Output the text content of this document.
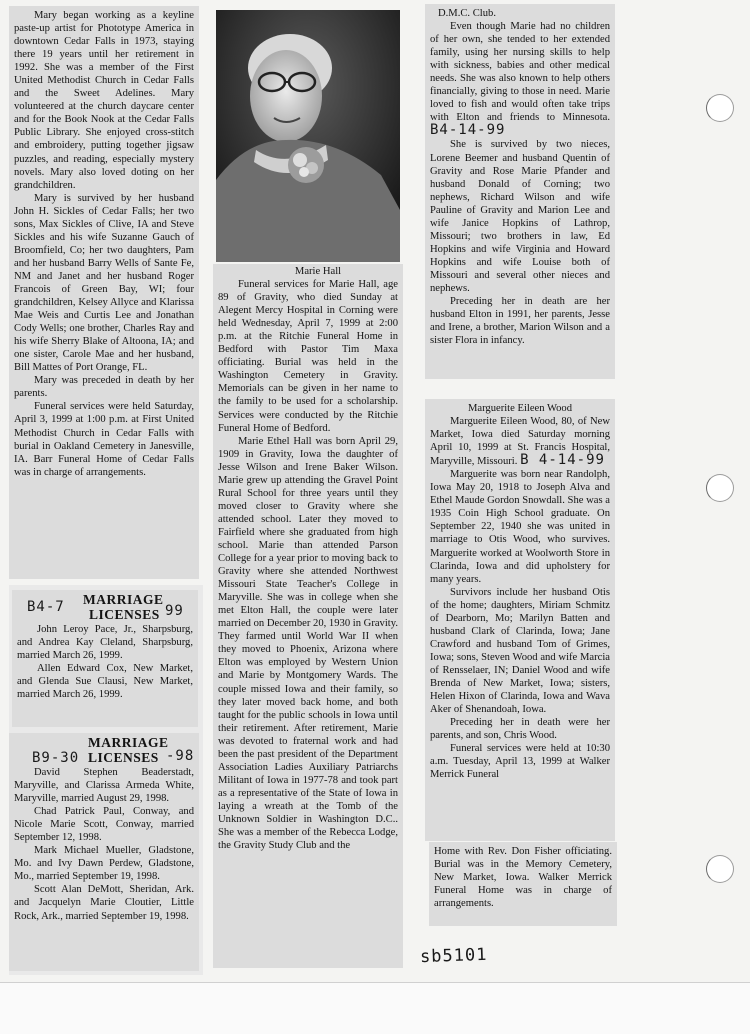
Mary began working as a keyline paste-up artist for Phototype America in downtown Cedar Falls in 1973, staying there 19 years until her retirement in 1992. She was a member of the First United Methodist Church in Cedar Falls and the Sweet Adelines. Mary volunteered at the church daycare center and for the Book Nook at the Cedar Falls Public Library. She enjoyed cross-stitch and embroidery, putting together jigsaw puzzles, and reading, especially mystery novels. Mary also loved doting on her grandchildren.

Mary is survived by her husband John H. Sickles of Cedar Falls; her two sons, Max Sickles of Clive, IA and Steve Sickles and his wife Suzanne Gauch of Broomfield, Co; her two daughters, Pam and her husband Barry Wells of Sante Fe, NM and Janet and her husband Roger Francois of Green Bay, WI; four grandchildren, Kelsey Allyce and Klarissa Mae Weis and Curtis Lee and Jonathan Cody Wells; one brother, Charles Ray and his wife Sherry Blake of Altoona, IA; and one sister, Carole Mae and her husband, Bill Mattes of Port Orange, FL.

Mary was preceded in death by her parents.

Funeral services were held Saturday, April 3, 1999 at 1:00 p.m. at First United Methodist Church in Cedar Falls with burial in Oakland Cemetery in Janesville, IA. Barr Funeral Home of Cedar Falls was in charge of arrangements.

B4-7 MARRIAGE
LICENSES 99

John Leroy Pace, Jr., Sharpsburg, and Andrea Kay Cleland, Sharpsburg, married March 26, 1999.

Allen Edward Cox, New Market, and Glenda Sue Clausi, New Market, married March 26, 1999.

B9-30
MARRIAGE
LICENSES -98

David Stephen Beaderstadt, Maryville, and Clarissa Armeda White, Maryville, married August 29, 1998.

Chad Patrick Paul, Conway, and Nicole Marie Scott, Conway, married September 12, 1998.

Mark Michael Mueller, Gladstone, Mo. and Ivy Dawn Perdew, Gladstone, Mo., married September 19, 1998.

Scott Alan DeMott, Sheridan, Ark. and Jacquelyn Marie Cloutier, Little Rock, Ark., married September 19, 1998.

Marie Hall

Funeral services for Marie Hall, age 89 of Gravity, who died Sunday at Alegent Mercy Hospital in Corning were held Wednesday, April 7, 1999 at 2:00 p.m. at the Ritchie Funeral Home in Bedford with Pastor Tim Maxa officiating. Burial was held in the Washington Cemetery in Gravity. Memorials can be given in her name to the family to be used for a scholarship. Services were conducted by the Ritchie Funeral Home of Bedford.

Marie Ethel Hall was born April 29, 1909 in Gravity, Iowa the daughter of Jesse Wilson and Irene Baker Wilson. Marie grew up attending the Gravel Point Rural School for three years until they moved closer to Gravity where she attended school. Later they moved to Fairfield where she graduated from high school. Marie than attended Parson College for a year prior to moving back to Gravity where she attended Northwest Missouri State Teacher's College in Maryville. She was in college when she met Elton Hall, the couple were later married on December 20, 1930 in Gravity. They farmed until World War II when they moved to Phoenix, Arizona where Elton was employed by Western Union and Marie by Montgomery Wards. The couple missed Iowa and their family, so they later moved back home, and both taught for the public schools in Iowa until their retirement. After retirement, Marie was devoted to fraternal work and had been the past president of the Department Association Ladies Auxiliary Patriarchs Militant of Iowa in 1977-78 and took part as a representative of the State of Iowa in laying a wreath at the Tomb of the Unknown Soldier in Washington D.C.. She was a member of the Rebecca Lodge, the Gravity Study Club and the

D.M.C. Club.

Even though Marie had no children of her own, she tended to her extended family, using her nursing skills to help with sickness, babies and other medical needs. She was also known to help others financially, giving to those in need. Marie loved to fish and would often take trips with Elton and friends to Minnesota. B4-14-99

She is survived by two nieces, Lorene Beemer and husband Quentin of Gravity and Rose Marie Pfander and husband Donald of Corning; two nephews, Richard Wilson and wife Pauline of Gravity and Marion Lee and wife Janice Hopkins of Lathrop, Missouri; two brothers in law, Ed Hopkins and wife Virginia and Howard Hopkins and wife Louise both of Missouri and several other nieces and nephews.

Preceding her in death are her husband Elton in 1991, her parents, Jesse and Irene, a brother, Marion Wilson and a sister Flora in infancy.

Marguerite Eileen Wood

Marguerite Eileen Wood, 80, of New Market, Iowa died Saturday morning April 10, 1999 at St. Francis Hospital, Maryville, Missouri. B 4-14-99

Marguerite was born near Randolph, Iowa May 20, 1918 to Joseph Alva and Ethel Maude Gordon Snowdall. She was a 1935 Coin High School graduate. On September 22, 1940 she was united in marriage to Otis Wood, who survives. Marguerite worked at Woolworth Store in Clarinda, Iowa and did upholstery for many years.

Survivors include her husband Otis of the home; daughters, Miriam Schmitz of Dearborn, Mo; Marilyn Batten and husband Clark of Clarinda, Iowa; Jane Crawford and husband Tom of Grimes, Iowa; sons, Steven Wood and wife Marcia of Rensselaer, IN; Daniel Wood and wife Brenda of New Market, Iowa; sisters, Helen Hixon of Clarinda, Iowa and Wava Aker of Shenandoah, Iowa.

Preceding her in death were her parents, and son, Chris Wood.

Funeral services were held at 10:30 a.m. Tuesday, April 13, 1999 at Walker Merrick Funeral

Home with Rev. Don Fisher officiating. Burial was in the Memory Cemetery, New Market, Iowa. Walker Merrick Funeral Home was in charge of arrangements.

sb5101
